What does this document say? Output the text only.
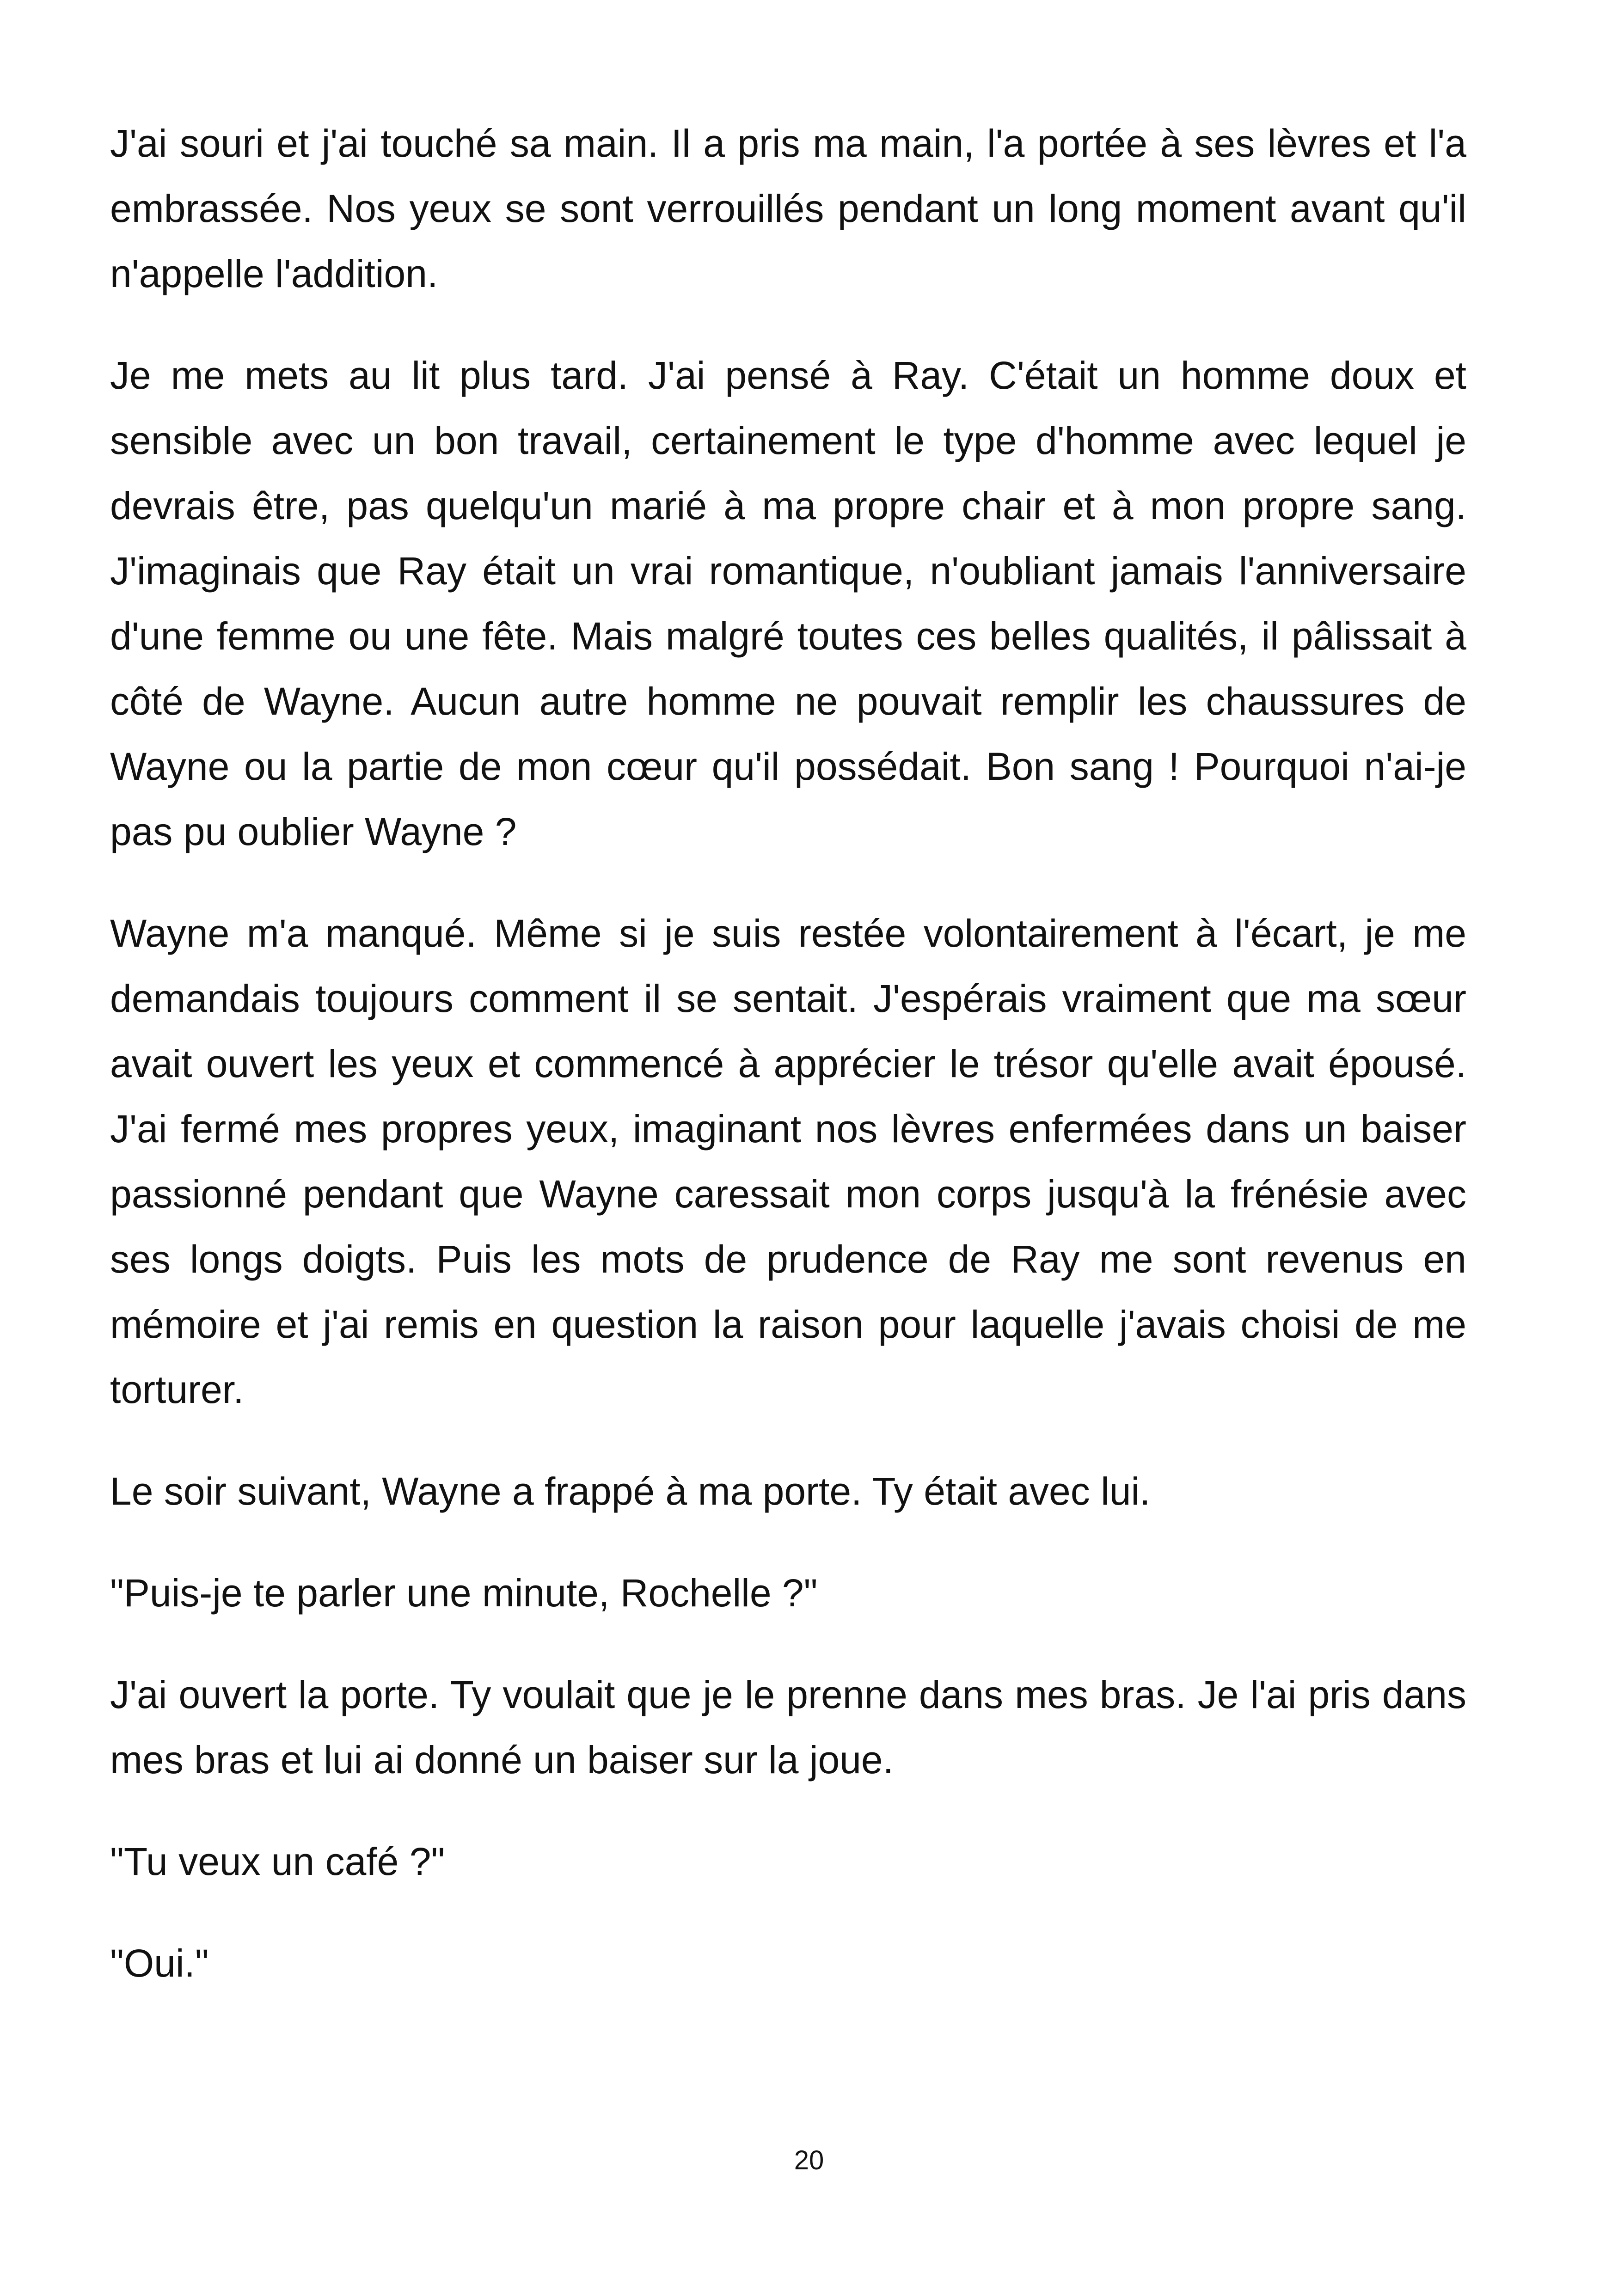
J'ai souri et j'ai touché sa main. Il a pris ma main, l'a portée à ses lèvres et l'a embrassée. Nos yeux se sont verrouillés pendant un long moment avant qu'il n'appelle l'addition.

Je me mets au lit plus tard. J'ai pensé à Ray. C'était un homme doux et sensible avec un bon travail, certainement le type d'homme avec lequel je devrais être, pas quelqu'un marié à ma propre chair et à mon propre sang. J'imaginais que Ray était un vrai romantique, n'oubliant jamais l'anniversaire d'une femme ou une fête. Mais malgré toutes ces belles qualités, il pâlissait à côté de Wayne. Aucun autre homme ne pouvait remplir les chaussures de Wayne ou la partie de mon cœur qu'il possédait. Bon sang ! Pourquoi n'ai-je pas pu oublier Wayne ?

Wayne m'a manqué. Même si je suis restée volontairement à l'écart, je me demandais toujours comment il se sentait. J'espérais vraiment que ma sœur avait ouvert les yeux et commencé à apprécier le trésor qu'elle avait épousé. J'ai fermé mes propres yeux, imaginant nos lèvres enfermées dans un baiser passionné pendant que Wayne caressait mon corps jusqu'à la frénésie avec ses longs doigts. Puis les mots de prudence de Ray me sont revenus en mémoire et j'ai remis en question la raison pour laquelle j'avais choisi de me torturer.

Le soir suivant, Wayne a frappé à ma porte. Ty était avec lui.

"Puis-je te parler une minute, Rochelle ?"

J'ai ouvert la porte. Ty voulait que je le prenne dans mes bras. Je l'ai pris dans mes bras et lui ai donné un baiser sur la joue.

"Tu veux un café ?"

"Oui."

20
